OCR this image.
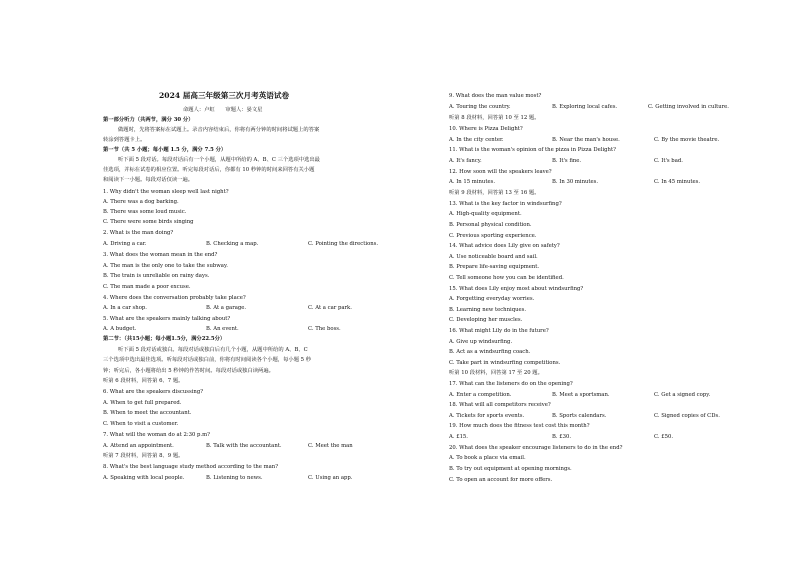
2024 届高三年级第三次月考英语试卷
命题人：卢虹　　审题人：晏文星
第一部分听力（共两节，满分 30 分）
做题时，先将答案标在试题上。录音内容结束后，你将有两分钟的时间将试题上的答案
转涂到答题卡上。
第一节（共 5 小题；每小题 1.5 分，满分 7.5 分）
听下面 5 段对话。每段对话后有一个小题，从题中所给的 A、B、C 三个选项中选出最
佳选项，并标在试卷的相应位置。听完每段对话后，你都有 10 秒钟的时间来回答有关小题
和阅读下一小题。每段对话仅读一遍。
1. Why didn't the woman sleep well last night?
A. There was a dog barking.
B. There was some loud music.
C. There were some birds singing
2. What is the man doing?
A. Driving a car.	B. Checking a map.	C. Pointing the directions.
3. What does the woman mean in the end?
A. The man is the only one to take the subway.
B. The train is unreliable on rainy days.
C. The man made a poor excuse.
4. Where does the conversation probably take place?
A. In a car shop.	B. At a garage.	C. At a car park.
5. What are the speakers mainly talking about?
A. A budget.	B. An event.	C. The boss.
第二节：（共15小题；每小题1.5分，满分22.5分）
听下面 5 段对话或独白。每段对话或独白后有几个小题，从题中所给的 A、B、C
三个选项中选出最佳选项。听每段对话或独白前，你将有时间阅读各个小题，每小题 5 秒
钟；听完后，各小题将给出 5 秒钟的作答时间。每段对话或独白读两遍。
听第 6 段材料，回答第 6、7 题。
6. What are the speakers discussing?
A. When to get full prepared.
B. When to meet the accountant.
C. When to visit a customer.
7. What will the woman do at 2:30 p.m?
A. Attend an appointment.	B. Talk with the accountant.	C. Meet the man
听第 7 段材料，回答第 8、9 题。
8. What's the best language study method according to the man?
A. Speaking with local people.	B. Listening to news.	C. Using an app.
9. What does the man value most?
A. Touring the country.	B. Exploring local cafes.	C. Getting involved in culture.
听第 8 段材料，回答第 10 至 12 题。
10. Where is Pizza Delight?
A. In the city center.	B. Near the man's house.	C. By the movie theatre.
11. What is the woman's opinion of the pizza in Pizza Delight?
A. It's fancy.	B. It's fine.	C. It's bad.
12. How soon will the speakers leave?
A. In 15 minutes.	B. In 30 minutes.	C. In 45 minutes.
听第 9 段材料，回答第 13 至 16 题。
13. What is the key factor in windsurfing?
A. High-quality equipment.
B. Personal physical condition.
C. Previous sporting experience.
14. What advice does Lily give on safety?
A. Use noticeable board and sail.
B. Prepare life-saving equipment.
C. Tell someone how you can be identified.
15. What does Lily enjoy most about windsurfing?
A. Forgetting everyday worries.
B. Learning new techniques.
C. Developing her muscles.
16. What might Lily do in the future?
A. Give up windsurfing.
B. Act as a windsurfing coach.
C. Take part in windsurfing competitions.
听第 10 段材料，回答第 17 至 20 题。
17. What can the listeners do on the opening?
A. Enter a competition.	B. Meet a sportsman.	C. Get a signed copy.
18. What will all competitors receive?
A. Tickets for sports events.	B. Sports calendars.	C. Signed copies of CDs.
19. How much does the fitness test cost this month?
A. £15.	B. £30.	C. £50.
20. What does the speaker encourage listeners to do in the end?
A. To book a place via email.
B. To try out equipment at opening mornings.
C. To open an account for more offers.
